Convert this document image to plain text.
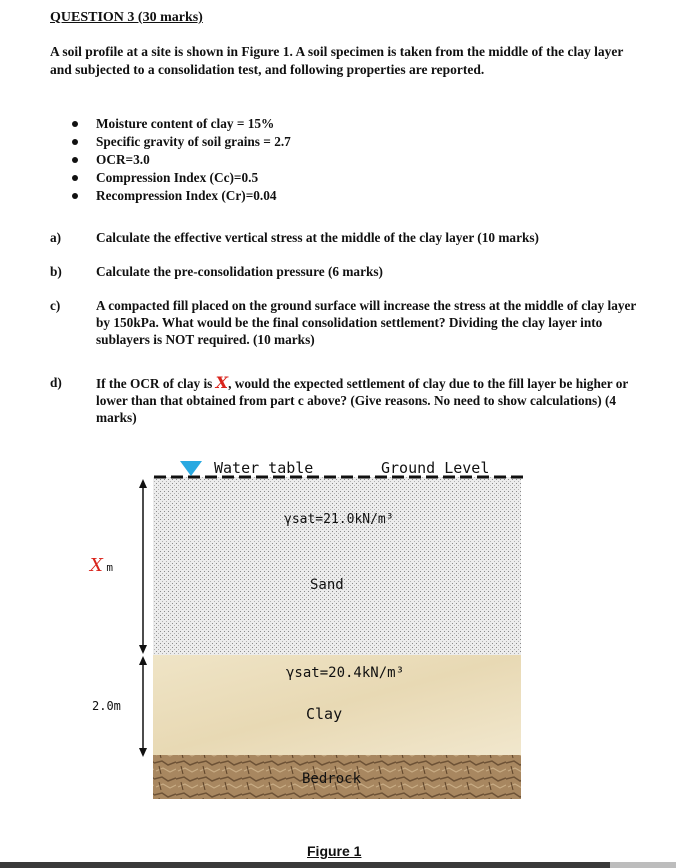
QUESTION 3 (30 marks)
A soil profile at a site is shown in Figure 1. A soil specimen is taken from the middle of the clay layer and subjected to a consolidation test, and following properties are reported.
Moisture content of clay = 15%
Specific gravity of soil grains = 2.7
OCR=3.0
Compression Index (Cc)=0.5
Recompression Index (Cr)=0.04
a)	Calculate the effective vertical stress at the middle of the clay layer (10 marks)
b)	Calculate the pre-consolidation pressure (6 marks)
c)	A compacted fill placed on the ground surface will increase the stress at the middle of clay layer by 150kPa. What would be the final consolidation settlement? Dividing the clay layer into sublayers is NOT required. (10 marks)
d)	If the OCR of clay is X, would the expected settlement of clay due to the fill layer be higher or lower than that obtained from part c above? (Give reasons. No need to show calculations) (4 marks)
Water table	Ground Level
γsat=21.0kN/m³
Sand
X m
γsat=20.4kN/m³
Clay
2.0m
Bedrock
Figure 1
